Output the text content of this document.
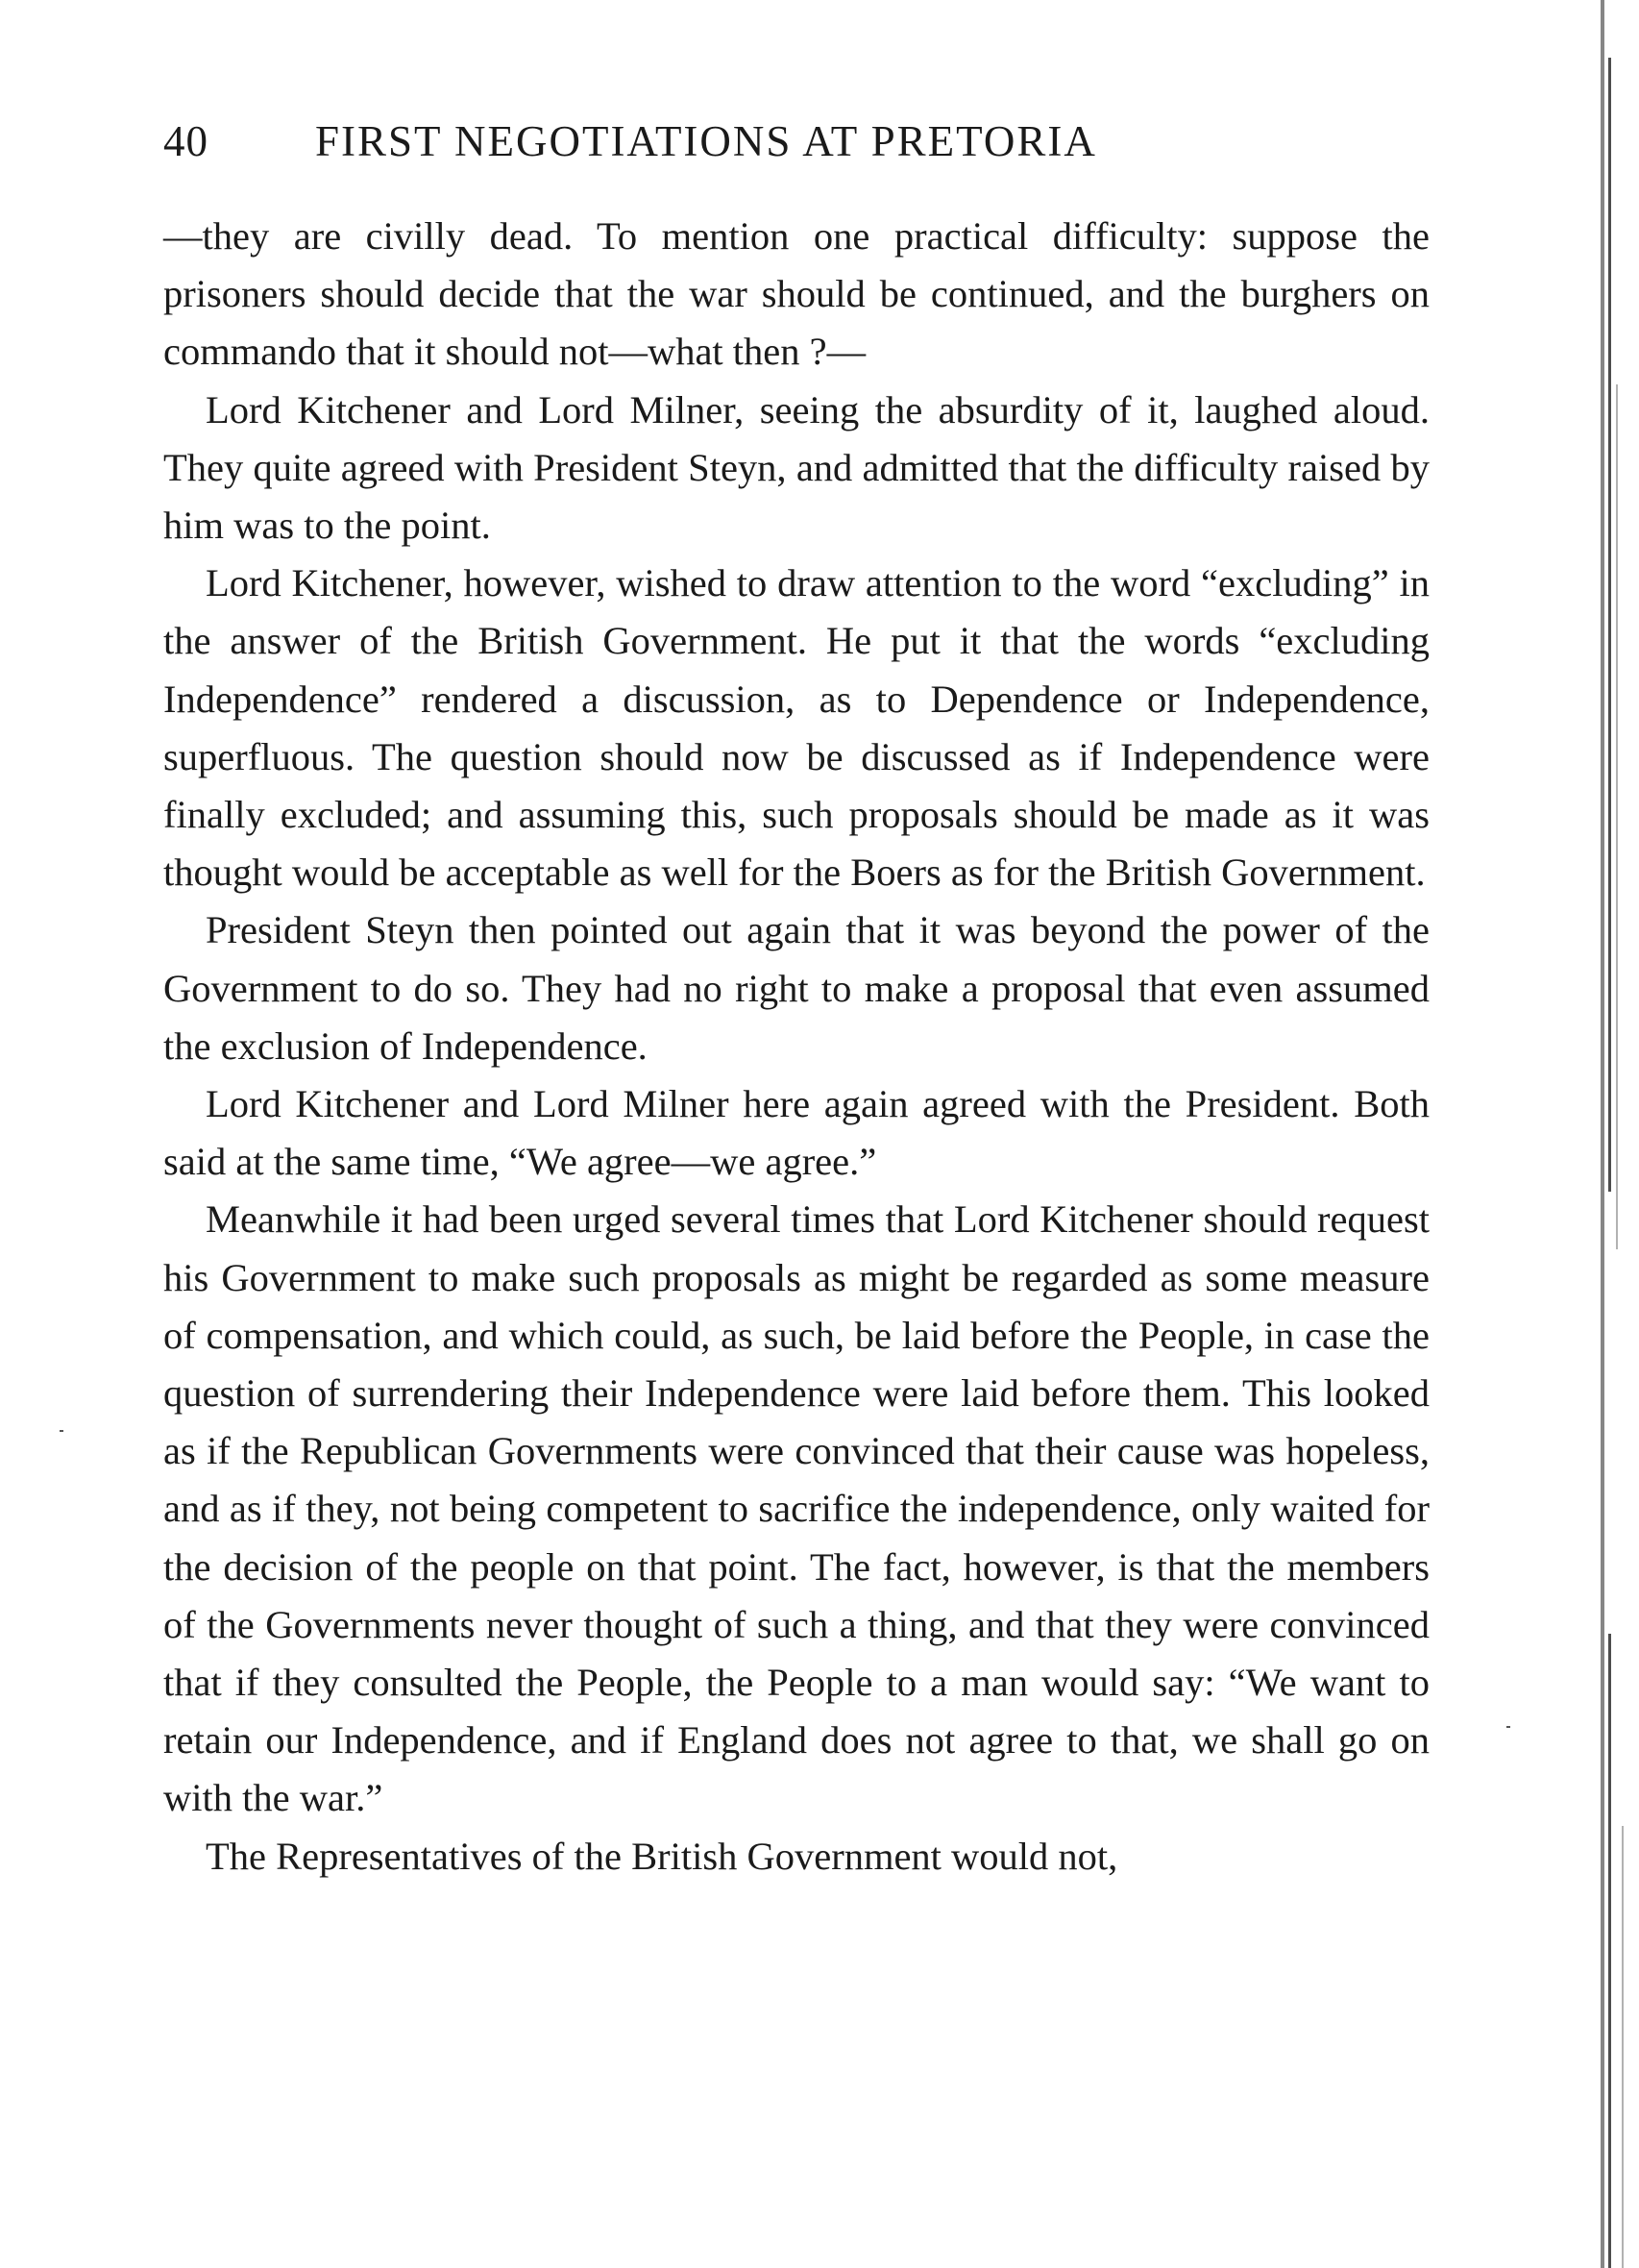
40 FIRST NEGOTIATIONS AT PRETORIA

—they are civilly dead. To mention one practical difficulty: suppose the prisoners should decide that the war should be continued, and the burghers on commando that it should not—what then ?—

Lord Kitchener and Lord Milner, seeing the absurdity of it, laughed aloud. They quite agreed with President Steyn, and admitted that the difficulty raised by him was to the point.

Lord Kitchener, however, wished to draw attention to the word “excluding” in the answer of the British Government. He put it that the words “excluding Independence” rendered a discussion, as to Dependence or Independence, superfluous. The question should now be discussed as if Independence were finally excluded; and assuming this, such proposals should be made as it was thought would be acceptable as well for the Boers as for the British Government.

President Steyn then pointed out again that it was beyond the power of the Government to do so. They had no right to make a proposal that even assumed the exclusion of Independence.

Lord Kitchener and Lord Milner here again agreed with the President. Both said at the same time, “We agree—we agree.”

Meanwhile it had been urged several times that Lord Kitchener should request his Government to make such proposals as might be regarded as some measure of compensation, and which could, as such, be laid before the People, in case the question of surrendering their Independence were laid before them. This looked as if the Republican Governments were convinced that their cause was hopeless, and as if they, not being competent to sacrifice the independence, only waited for the decision of the people on that point. The fact, however, is that the members of the Governments never thought of such a thing, and that they were convinced that if they consulted the People, the People to a man would say: “We want to retain our Independence, and if England does not agree to that, we shall go on with the war.”

The Representatives of the British Government would not,
